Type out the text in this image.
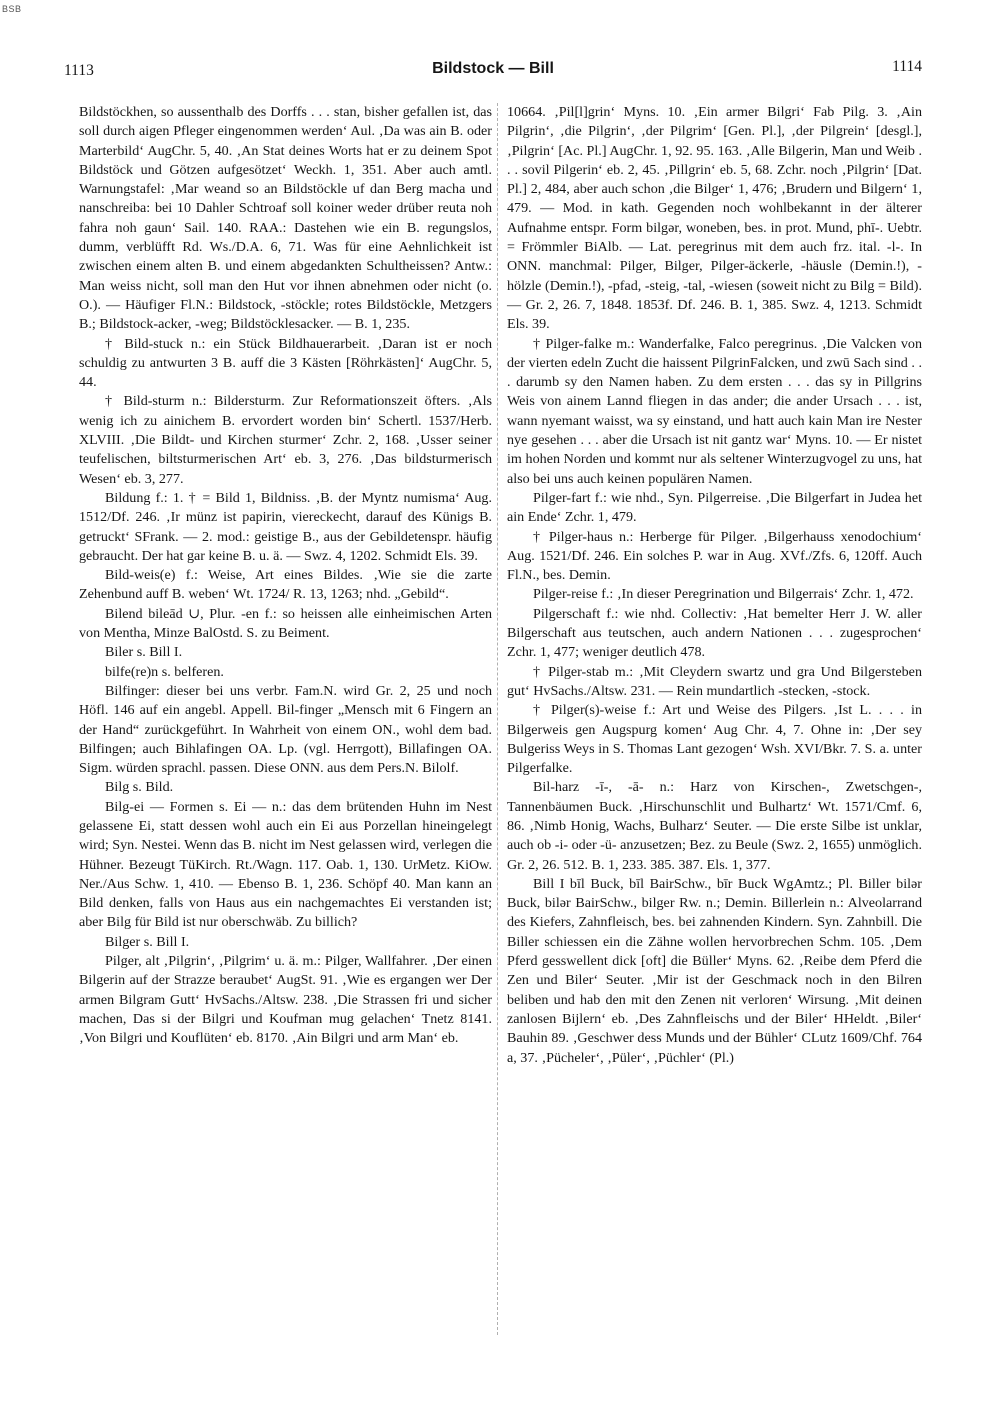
BSB
1113	Bildstock — Bill	1114

Bildstöckhen, so aussenthalb des Dorffs . . . stan, bisher gefallen ist, das soll durch aigen Pfleger eingenommen werden‘ Aul. ‚Da was ain B. oder Marterbild‘ AugChr. 5, 40. ‚An Stat deines Worts hat er zu deinem Spot Bildstöck und Götzen aufgesötzet‘ Weckh. 1, 351. Aber auch amtl. Warnungstafel: ‚Mar weand so an Bildstöckle uf dan Berg macha und nanschreiba: bei 10 Dahler Schtroaf soll koiner weder drüber reuta noh fahra noh gaun‘ Sail. 140. RAA.: Dastehen wie ein B. regungslos, dumm, verblüfft Rd. Ws./D.A. 6, 71. Was für eine Aehnlichkeit ist zwischen einem alten B. und einem abgedankten Schultheissen? Antw.: Man weiss nicht, soll man den Hut vor ihnen abnehmen oder nicht (o. O.). — Häufiger Fl.N.: Bildstock, -stöckle; rotes Bildstöckle, Metzgers B.; Bildstock-acker, -weg; Bildstöcklesacker. — B. 1, 235.

† Bild-stuck n.: ein Stück Bildhauerarbeit. ‚Daran ist er noch schuldig zu antwurten 3 B. auff die 3 Kästen [Röhrkästen]‘ AugChr. 5, 44.

† Bild-sturm n.: Bildersturm. Zur Reformationszeit öfters. ‚Als wenig ich zu ainichem B. ervordert worden bin‘ Schertl. 1537/Herb. XLVIII. ‚Die Bildt- und Kirchen sturmer‘ Zchr. 2, 168. ‚Usser seiner teufelischen, biltsturmerischen Art‘ eb. 3, 276. ‚Das bildsturmerisch Wesen‘ eb. 3, 277.

Bildung f.: 1. † = Bild 1, Bildniss. ‚B. der Myntz numisma‘ Aug. 1512/Df. 246. ‚Ir münz ist papirin, viereckecht, darauf des Künigs B. getruckt‘ SFrank. — 2. mod.: geistige B., aus der Gebildetenspr. häufig gebraucht. Der hat gar keine B. u. ä. — Swz. 4, 1202. Schmidt Els. 39.

Bild-weis(e) f.: Weise, Art eines Bildes. ‚Wie sie die zarte Zehenbund auff B. weben‘ Wt. 1724/ R. 13, 1263; nhd. „Gebild“.

Bilend bileād ∪, Plur. -en f.: so heissen alle einheimischen Arten von Mentha, Minze BalOstd. S. zu Beiment.

Biler s. Bill I.

bilfe(re)n s. belferen.

Bilfinger: dieser bei uns verbr. Fam.N. wird Gr. 2, 25 und noch Höfl. 146 auf ein angebl. Appell. Bil-finger „Mensch mit 6 Fingern an der Hand“ zurückgeführt. In Wahrheit von einem ON., wohl dem bad. Bilfingen; auch Bihlafingen OA. Lp. (vgl. Herrgott), Billafingen OA. Sigm. würden sprachl. passen. Diese ONN. aus dem Pers.N. Bilolf.

Bilg s. Bild.

Bilg-ei — Formen s. Ei — n.: das dem brütenden Huhn im Nest gelassene Ei, statt dessen wohl auch ein Ei aus Porzellan hineingelegt wird; Syn. Nestei. Wenn das B. nicht im Nest gelassen wird, verlegen die Hühner. Bezeugt TüKirch. Rt./Wagn. 117. Oab. 1, 130. UrMetz. KiOw. Ner./Aus Schw. 1, 410. — Ebenso B. 1, 236. Schöpf 40. Man kann an Bild denken, falls von Haus aus ein nachgemachtes Ei verstanden ist; aber Bilg für Bild ist nur oberschwäb. Zu billich?

Bilger s. Bill I.

Pilger, alt ‚Pilgrin‘, ‚Pilgrim‘ u. ä. m.: Pilger, Wallfahrer. ‚Der einen Bilgerin auf der Strazze beraubet‘ AugSt. 91. ‚Wie es ergangen wer Der armen Bilgram Gutt‘ HvSachs./Altsw. 238. ‚Die Strassen fri und sicher machen, Das si der Bilgri und Koufman mug gelachen‘ Tnetz 8141. ‚Von Bilgri und Kouflüten‘ eb. 8170. ‚Ain Bilgri und arm Man‘ eb.

10664. ‚Pil[l]grin‘ Myns. 10. ‚Ein armer Bilgri‘ Fab Pilg. 3. ‚Ain Pilgrin‘, ‚die Pilgrin‘, ‚der Pilgrim‘ [Gen. Pl.], ‚der Pilgrein‘ [desgl.], ‚Pilgrin‘ [Ac. Pl.] AugChr. 1, 92. 95. 163. ‚Alle Bilgerin, Man und Weib . . . sovil Pilgerin‘ eb. 2, 45. ‚Pillgrin‘ eb. 5, 68. Zchr. noch ‚Pilgrin‘ [Dat. Pl.] 2, 484, aber auch schon ‚die Bilger‘ 1, 476; ‚Brudern und Bilgern‘ 1, 479. — Mod. in kath. Gegenden noch wohlbekannt in der älterer Aufnahme entspr. Form bilgər, woneben, bes. in prot. Mund, phī-. Uebtr. = Frömmler BiAlb. — Lat. peregrinus mit dem auch frz. ital. -l-. In ONN. manchmal: Pilger, Bilger, Pilger-äckerle, -häusle (Demin.!), -hölzle (Demin.!), -pfad, -steig, -tal, -wiesen (soweit nicht zu Bilg = Bild). — Gr. 2, 26. 7, 1848. 1853f. Df. 246. B. 1, 385. Swz. 4, 1213. Schmidt Els. 39.

† Pilger-falke m.: Wanderfalke, Falco peregrinus. ‚Die Valcken von der vierten edeln Zucht die haissent PilgrinFalcken, und zwū Sach sind . . . darumb sy den Namen haben. Zu dem ersten . . . das sy in Pillgrins Weis von ainem Lannd fliegen in das ander; die ander Ursach . . . ist, wann nyemant waisst, wa sy einstand, und hatt auch kain Man ire Nester nye gesehen . . . aber die Ursach ist nit gantz war‘ Myns. 10. — Er nistet im hohen Norden und kommt nur als seltener Winterzugvogel zu uns, hat also bei uns auch keinen populären Namen.

Pilger-fart f.: wie nhd., Syn. Pilgerreise. ‚Die Bilgerfart in Judea het ain Ende‘ Zchr. 1, 479.

† Pilger-haus n.: Herberge für Pilger. ‚Bilgerhauss xenodochium‘ Aug. 1521/Df. 246. Ein solches P. war in Aug. XVf./Zfs. 6, 120ff. Auch Fl.N., bes. Demin.

Pilger-reise f.: ‚In dieser Peregrination und Bilgerrais‘ Zchr. 1, 472.

Pilgerschaft f.: wie nhd. Collectiv: ‚Hat bemelter Herr J. W. aller Bilgerschaft aus teutschen, auch andern Nationen . . . zugesprochen‘ Zchr. 1, 477; weniger deutlich 478.

† Pilger-stab m.: ‚Mit Cleydern swartz und gra Und Bilgersteben gut‘ HvSachs./Altsw. 231. — Rein mundartlich -stecken, -stock.

† Pilger(s)-weise f.: Art und Weise des Pilgers. ‚Ist L. . . . in Bilgerweis gen Augspurg komen‘ Aug Chr. 4, 7. Ohne in: ‚Der sey Bulgeriss Weys in S. Thomas Lant gezogen‘ Wsh. XVI/Bkr. 7. S. a. unter Pilgerfalke.

Bil-harz -ī-, -ā- n.: Harz von Kirschen-, Zwetschgen-, Tannenbäumen Buck. ‚Hirschunschlit und Bulhartz‘ Wt. 1571/Cmf. 6, 86. ‚Nimb Honig, Wachs, Bulharz‘ Seuter. — Die erste Silbe ist unklar, auch ob -i- oder -ü- anzusetzen; Bez. zu Beule (Swz. 2, 1655) unmöglich. Gr. 2, 26. 512. B. 1, 233. 385. 387. Els. 1, 377.

Bill I bīl Buck, bīl BairSchw., bīr Buck WgAmtz.; Pl. Biller bilər Buck, bilər BairSchw., bilger Rw. n.; Demin. Billerlein n.: Alveolarrand des Kiefers, Zahnfleisch, bes. bei zahnenden Kindern. Syn. Zahnbill. Die Biller schiessen ein die Zähne wollen hervorbrechen Schm. 105. ‚Dem Pferd gesswellent dick [oft] die Büller‘ Myns. 62. ‚Reibe dem Pferd die Zen und Biler‘ Seuter. ‚Mir ist der Geschmack noch in den Bilren beliben und hab den mit den Zenen nit verloren‘ Wirsung. ‚Mit deinen zanlosen Bijlern‘ eb. ‚Des Zahnfleischs und der Biler‘ HHeldt. ‚Biler‘ Bauhin 89. ‚Geschwer dess Munds und der Bühler‘ CLutz 1609/Chf. 764 a, 37. ‚Pücheler‘, ‚Püler‘, ‚Püchler‘ (Pl.)
